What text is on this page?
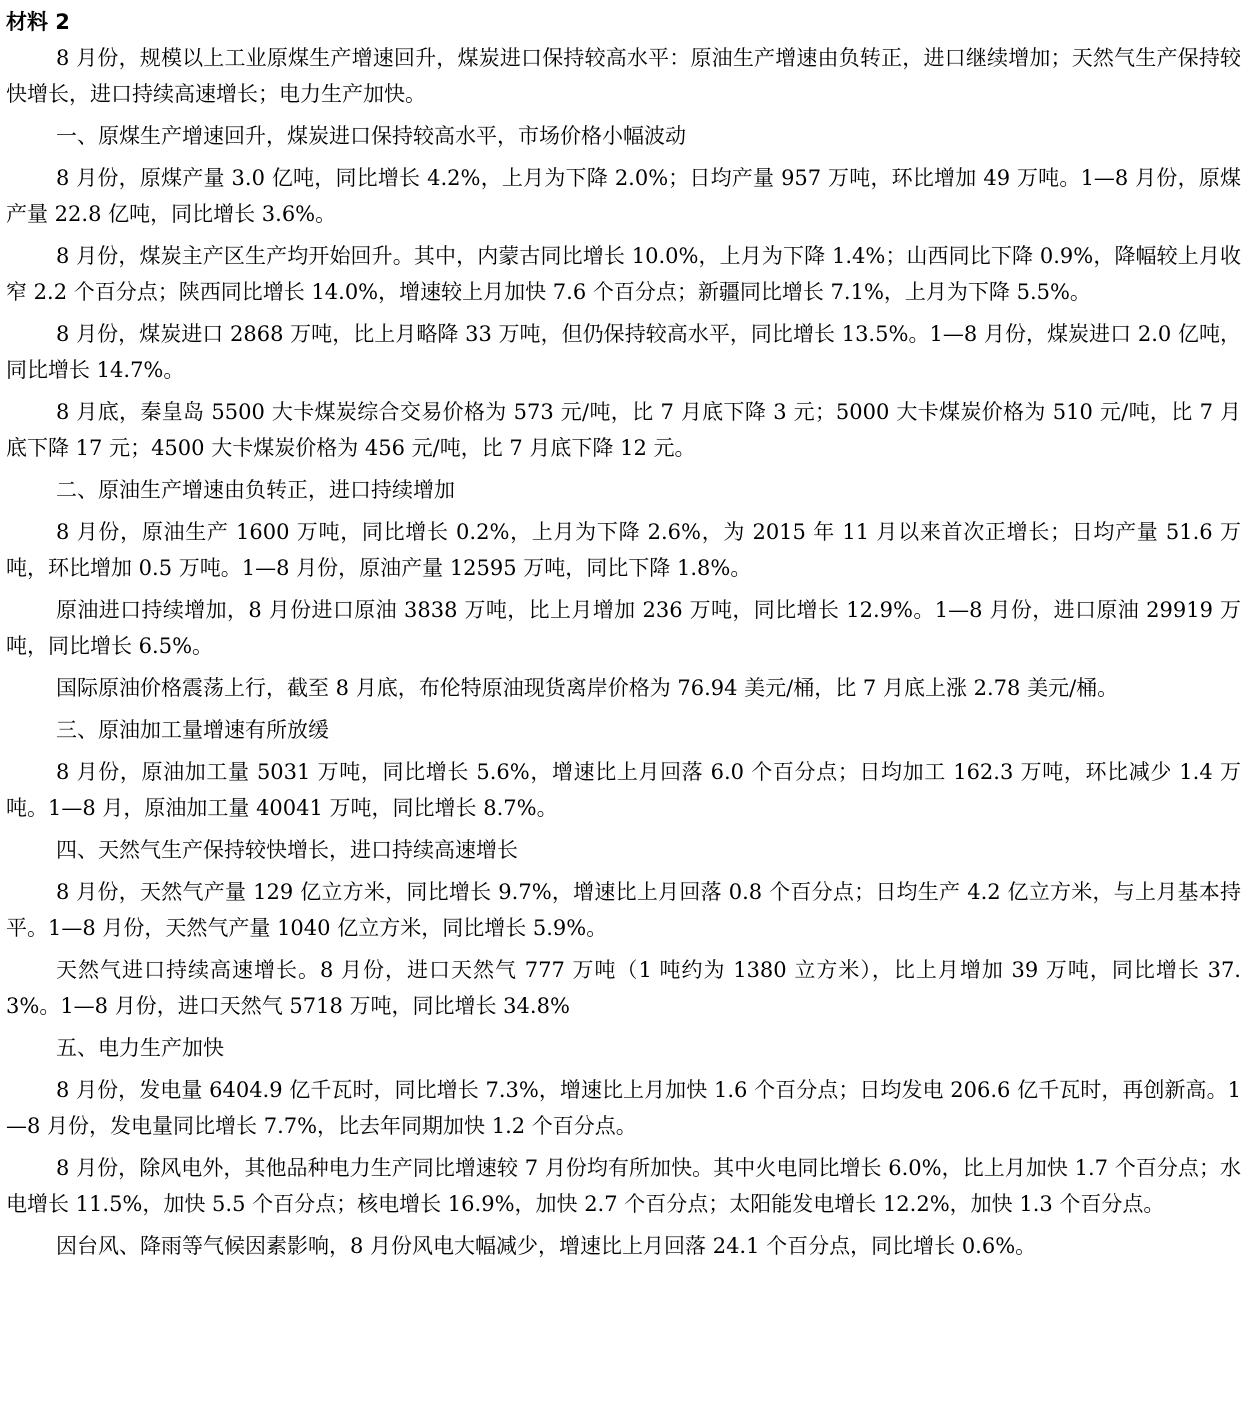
材料 2

8 月份，规模以上工业原煤生产增速回升，煤炭进口保持较高水平：原油生产增速由负转正，进口继续增加；天然气生产保持较快增长，进口持续高速增长；电力生产加快。

一、原煤生产增速回升，煤炭进口保持较高水平，市场价格小幅波动

8 月份，原煤产量 3.0 亿吨，同比增长 4.2%，上月为下降 2.0%；日均产量 957 万吨，环比增加 49 万吨。1—8 月份，原煤产量 22.8 亿吨，同比增长 3.6%。

8 月份，煤炭主产区生产均开始回升。其中，内蒙古同比增长 10.0%，上月为下降 1.4%；山西同比下降 0.9%，降幅较上月收窄 2.2 个百分点；陕西同比增长 14.0%，增速较上月加快 7.6 个百分点；新疆同比增长 7.1%，上月为下降 5.5%。

8 月份，煤炭进口 2868 万吨，比上月略降 33 万吨，但仍保持较高水平，同比增长 13.5%。1—8 月份，煤炭进口 2.0 亿吨，同比增长 14.7%。

8 月底，秦皇岛 5500 大卡煤炭综合交易价格为 573 元/吨，比 7 月底下降 3 元；5000 大卡煤炭价格为 510 元/吨，比 7 月底下降 17 元；4500 大卡煤炭价格为 456 元/吨，比 7 月底下降 12 元。

二、原油生产增速由负转正，进口持续增加

8 月份，原油生产 1600 万吨，同比增长 0.2%，上月为下降 2.6%，为 2015 年 11 月以来首次正增长；日均产量 51.6 万吨，环比增加 0.5 万吨。1—8 月份，原油产量 12595 万吨，同比下降 1.8%。

原油进口持续增加，8 月份进口原油 3838 万吨，比上月增加 236 万吨，同比增长 12.9%。1—8 月份，进口原油 29919 万吨，同比增长 6.5%。

国际原油价格震荡上行，截至 8 月底，布伦特原油现货离岸价格为 76.94 美元/桶，比 7 月底上涨 2.78 美元/桶。

三、原油加工量增速有所放缓

8 月份，原油加工量 5031 万吨，同比增长 5.6%，增速比上月回落 6.0 个百分点；日均加工 162.3 万吨，环比减少 1.4 万吨。1—8 月，原油加工量 40041 万吨，同比增长 8.7%。

四、天然气生产保持较快增长，进口持续高速增长

8 月份，天然气产量 129 亿立方米，同比增长 9.7%，增速比上月回落 0.8 个百分点；日均生产 4.2 亿立方米，与上月基本持平。1—8 月份，天然气产量 1040 亿立方米，同比增长 5.9%。

天然气进口持续高速增长。8 月份，进口天然气 777 万吨（1 吨约为 1380 立方米），比上月增加 39 万吨，同比增长 37.3%。1—8 月份，进口天然气 5718 万吨，同比增长 34.8%

五、电力生产加快

8 月份，发电量 6404.9 亿千瓦时，同比增长 7.3%，增速比上月加快 1.6 个百分点；日均发电 206.6 亿千瓦时，再创新高。1—8 月份，发电量同比增长 7.7%，比去年同期加快 1.2 个百分点。

8 月份，除风电外，其他品种电力生产同比增速较 7 月份均有所加快。其中火电同比增长 6.0%，比上月加快 1.7 个百分点；水电增长 11.5%，加快 5.5 个百分点；核电增长 16.9%，加快 2.7 个百分点；太阳能发电增长 12.2%，加快 1.3 个百分点。

因台风、降雨等气候因素影响，8 月份风电大幅减少，增速比上月回落 24.1 个百分点，同比增长 0.6%。
